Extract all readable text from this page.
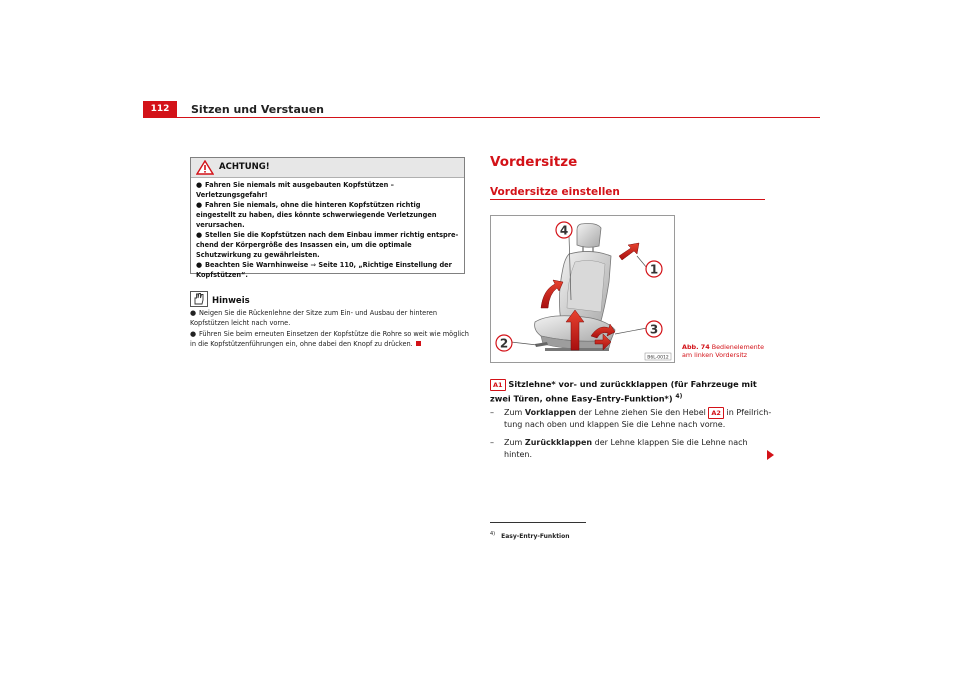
112	Sitzen und Verstauen
ACHTUNG!
● Fahren Sie niemals mit ausgebauten Kopfstützen – Verletzungsgefahr!
● Fahren Sie niemals, ohne die hinteren Kopfstützen richtig eingestellt zu haben, dies könnte schwerwiegende Verletzungen verursachen.
● Stellen Sie die Kopfstützen nach dem Einbau immer richtig entspre-chend der Körpergröße des Insassen ein, um die optimale Schutzwirkung zu gewährleisten.
● Beachten Sie Warnhinweise ⇒ Seite 110, „Richtige Einstellung der Kopfstützen“.
Hinweis
● Neigen Sie die Rückenlehne der Sitze zum Ein- und Ausbau der hinteren Kopfstützen leicht nach vorne.
● Führen Sie beim erneuten Einsetzen der Kopfstütze die Rohre so weit wie möglich in die Kopfstützenführungen ein, ohne dabei den Knopf zu drücken.
Vordersitze
Vordersitze einstellen
4
1
3
2
B6L-0012
Abb. 74 Bedienelemente am linken Vordersitz
A1 Sitzlehne* vor- und zurückklappen (für Fahrzeuge mit zwei Türen, ohne Easy-Entry-Funktion*) $^{4)}$
– Zum Vorklappen der Lehne ziehen Sie den Hebel A2 in Pfeilrich-tung nach oben und klappen Sie die Lehne nach vorne.
– Zum Zurückklappen der Lehne klappen Sie die Lehne nach hinten.
$^{4)}$ Easy-Entry-Funktion
